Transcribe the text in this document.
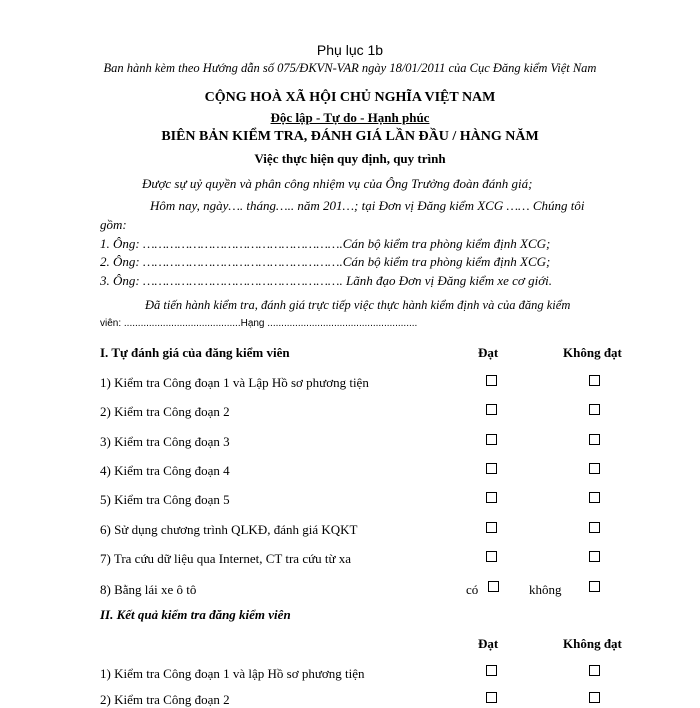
Phụ lục 1b
Ban hành kèm theo Hướng dẫn số 075/ĐKVN-VAR ngày 18/01/2011 của Cục Đăng kiểm Việt Nam
CỘNG HOÀ XÃ HỘI CHỦ NGHĨA VIỆT NAM
Độc lập - Tự do - Hạnh phúc
BIÊN BẢN KIỂM TRA, ĐÁNH GIÁ LẦN ĐẦU / HÀNG NĂM
Việc thực hiện quy định, quy trình
Được sự uỷ quyền và phân công nhiệm vụ của Ông Trưởng đoàn đánh giá;
Hôm nay, ngày…. tháng….. năm 201…; tại Đơn vị Đăng kiểm XCG …… Chúng tôi
gồm:
1. Ông: …………………………………………….Cán bộ kiểm tra phòng kiểm định XCG;
2. Ông: …………………………………………….Cán bộ kiểm tra phòng kiểm định XCG;
3. Ông: ……………………………………………. Lãnh đạo Đơn vị Đăng kiểm xe cơ giới.
Đã tiến hành kiểm tra, đánh giá trực tiếp việc thực hành kiểm định và của đăng kiểm
viên: ..........................................Hạng ......................................................
I. Tự đánh giá của đăng kiểm viên	Đạt	Không đạt
1) Kiểm tra Công đoạn 1 và Lập Hồ sơ phương tiện
2) Kiểm tra Công đoạn 2
3) Kiểm tra Công đoạn 3
4) Kiểm tra Công đoạn 4
5) Kiểm tra Công đoạn 5
6) Sử dụng chương trình QLKĐ, đánh giá KQKT
7) Tra cứu dữ liệu qua Internet, CT tra cứu từ xa
8) Bằng lái xe ô tô	có	không
II. Kết quả kiểm tra đăng kiểm viên
Đạt	Không đạt
1) Kiểm tra Công đoạn 1 và lập Hồ sơ phương tiện
2) Kiểm tra Công đoạn 2
